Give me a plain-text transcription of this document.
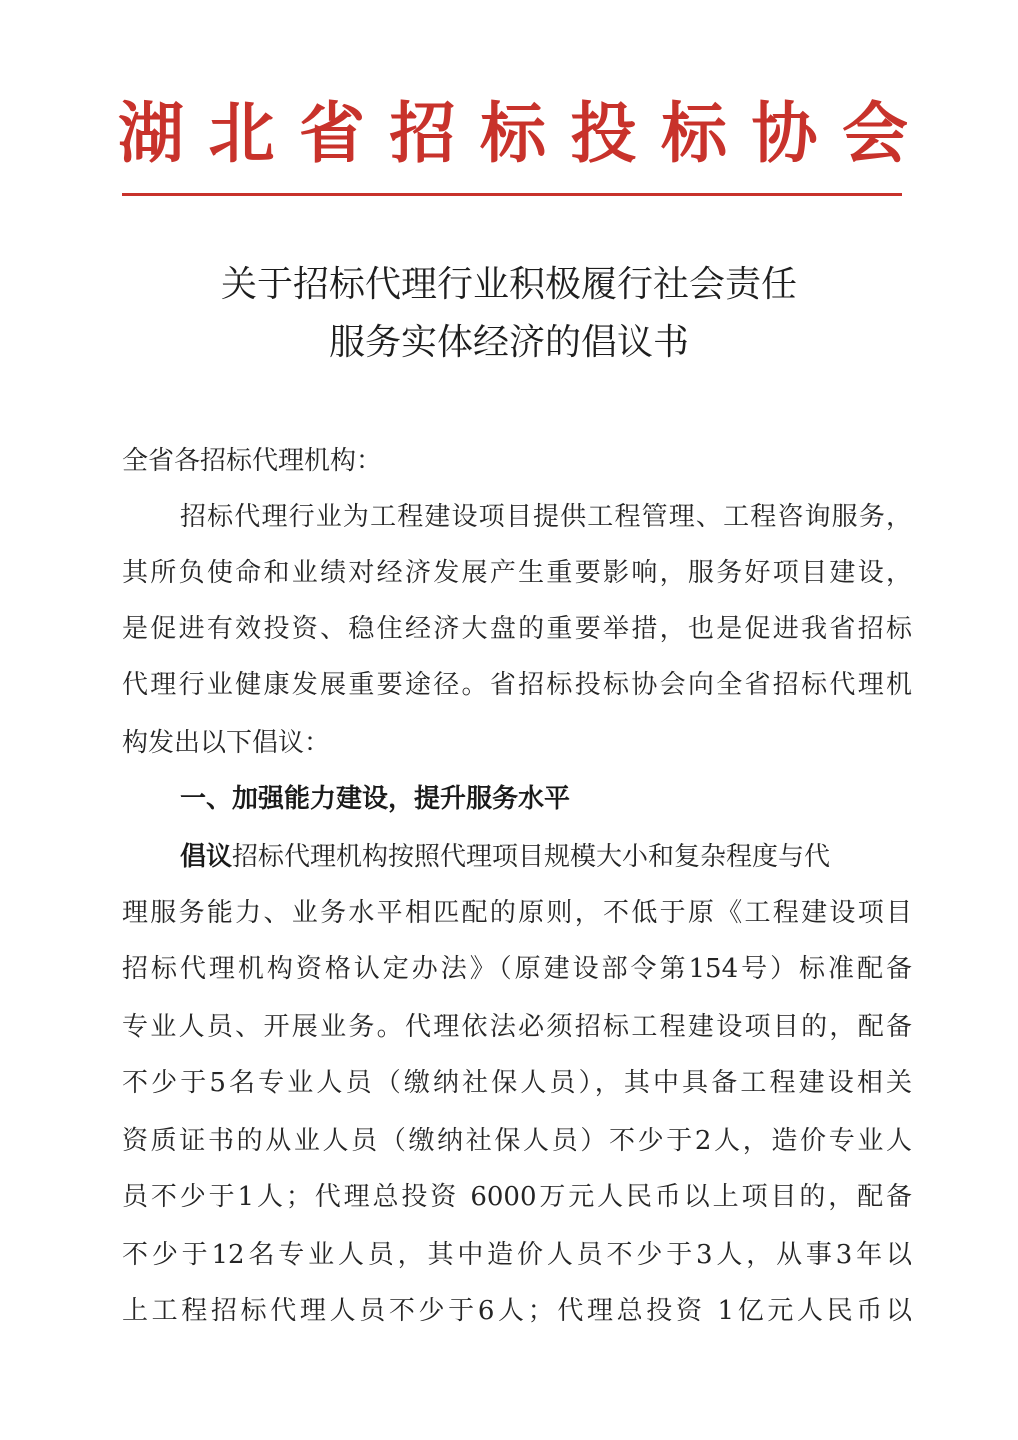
湖 北 省 招 标 投 标 协 会
关于招标代理行业积极履行社会责任
服务实体经济的倡议书
全省各招标代理机构：
招标代理行业为工程建设项目提供工程管理、工程咨询服务，
其所负使命和业绩对经济发展产生重要影响，服务好项目建设，
是促进有效投资、稳住经济大盘的重要举措，也是促进我省招标
代理行业健康发展重要途径。省招标投标协会向全省招标代理机
构发出以下倡议：
一、加强能力建设，提升服务水平
倡议招标代理机构按照代理项目规模大小和复杂程度与代
理服务能力、业务水平相匹配的原则，不低于原《工程建设项目
招标代理机构资格认定办法》（原建设部令第154号）标准配备
专业人员、开展业务。代理依法必须招标工程建设项目的，配备
不少于5名专业人员（缴纳社保人员），其中具备工程建设相关
资质证书的从业人员（缴纳社保人员）不少于2人，造价专业人
员不少于1人；代理总投资 6000万元人民币以上项目的，配备
不少于12名专业人员，其中造价人员不少于3人，从事3年以
上工程招标代理人员不少于6人；代理总投资 1亿元人民币以
